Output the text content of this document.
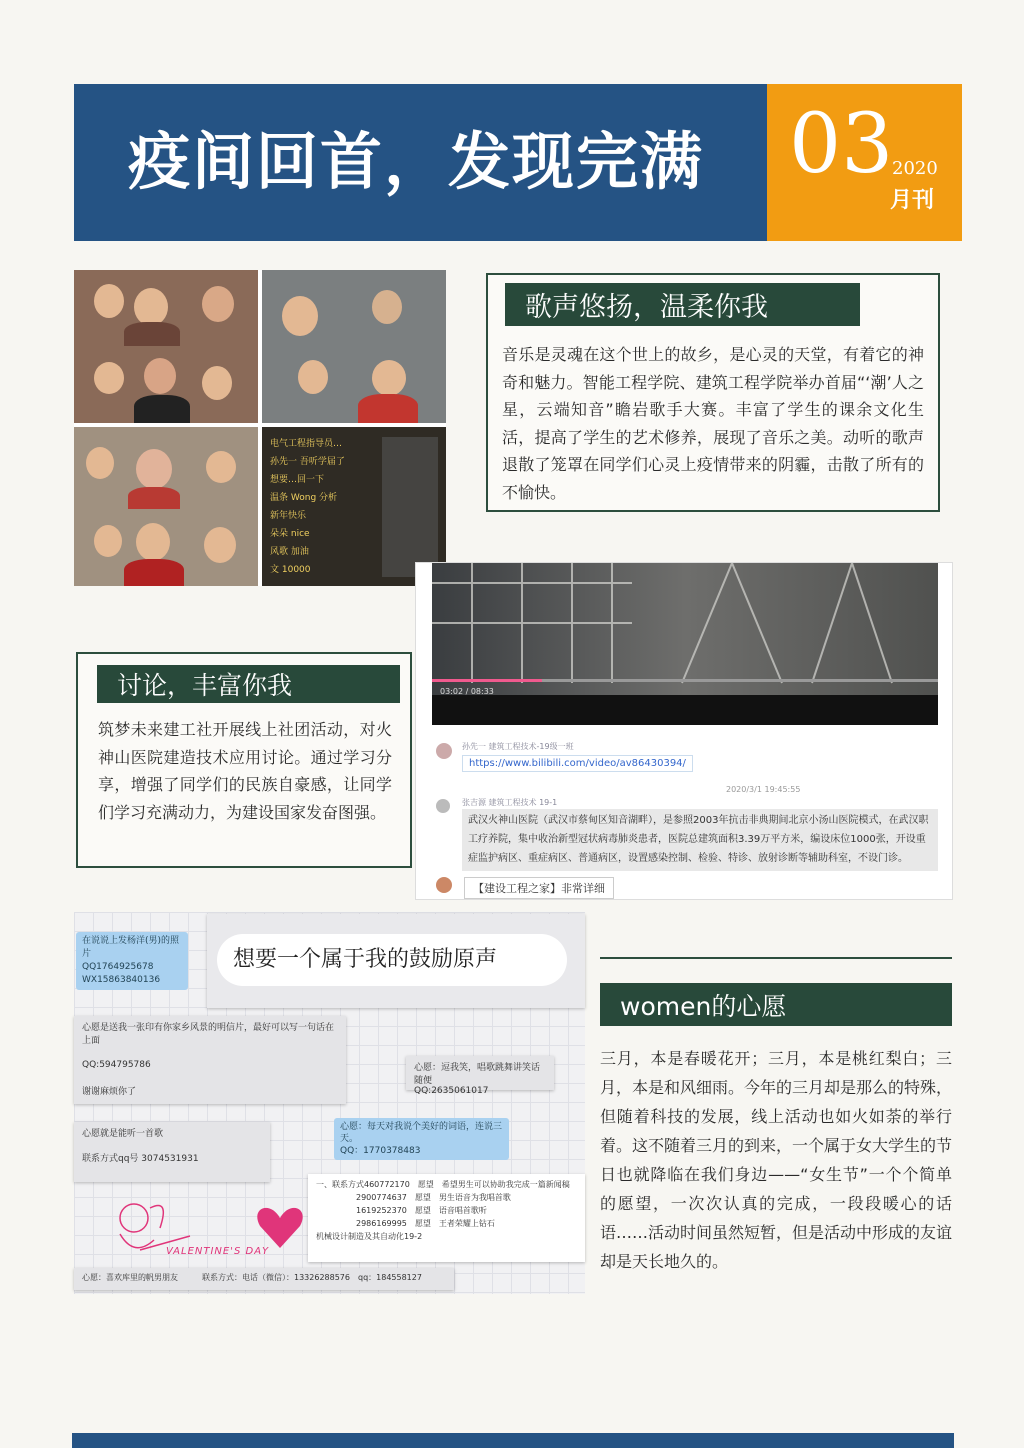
疫间回首，发现完满 03
2020
月刊
电气工程指导员…
孙先一 吾听学届了
想要…回一下
温条 Wong 分析
新年快乐
朵朵 nice
风歌 加油
文 10000
歌声悠扬，温柔你我
音乐是灵魂在这个世上的故乡，是心灵的天堂，有着它的神奇和魅力。智能工程学院、建筑工程学院举办首届“‘潮’人之星，云端知音”瞻岩歌手大赛。丰富了学生的课余文化生活，提高了学生的艺术修养，展现了音乐之美。动听的歌声退散了笼罩在同学们心灵上疫情带来的阴霾，击散了所有的不愉快。
03:02 / 08:33
孙先一 建筑工程技术-19级一班
https://www.bilibili.com/video/av86430394/
2020/3/1 19:45:55
张吉源 建筑工程技术 19-1
武汉火神山医院（武汉市蔡甸区知音湖畔），是参照2003年抗击非典期间北京小汤山医院模式，在武汉职工疗养院，集中收治新型冠状病毒肺炎患者，医院总建筑面积3.39万平方米，编设床位1000张，开设重症监护病区、重症病区、普通病区，设置感染控制、检验、特诊、放射诊断等辅助科室，不设门诊。
【建设工程之家】非常详细
讨论，丰富你我
筑梦未来建工社开展线上社团活动，对火神山医院建造技术应用讨论。通过学习分享，增强了同学们的民族自豪感，让同学们学习充满动力，为建设国家发奋图强。
在说说上发杨洋(男)的照片
QQ1764925678
WX15863840136
想要一个属于我的鼓励原声
心愿是送我一张印有你家乡风景的明信片，最好可以写一句话在上面
QQ:594795786
谢谢麻烦你了
心愿：逗我笑，唱歌跳舞讲笑话随便
QQ:2635061017
心愿：每天对我说个美好的词语，连说三天。
QQ：1770378483
心愿就是能听一首歌
联系方式qq号 3074531931
一、联系方式460772170　愿望　希望男生可以协助我完成一篇新闻稿
2900774637　愿望　男生语音为我唱首歌
1619252370　愿望　语音唱首歌听
2986169995　愿望　王者荣耀上钻石
机械设计制造及其自动化19-2
VALENTINE'S DAY
心愿：喜欢库里的帆男朋友　　　联系方式：电话（微信）：13326288576　qq：184558127
women的心愿
三月，本是春暖花开；三月，本是桃红梨白；三月，本是和风细雨。今年的三月却是那么的特殊，但随着科技的发展，线上活动也如火如荼的举行着。这不随着三月的到来，一个属于女大学生的节日也就降临在我们身边——“女生节”一个个简单的愿望，一次次认真的完成，一段段暖心的话语……活动时间虽然短暂，但是活动中形成的友谊却是天长地久的。
